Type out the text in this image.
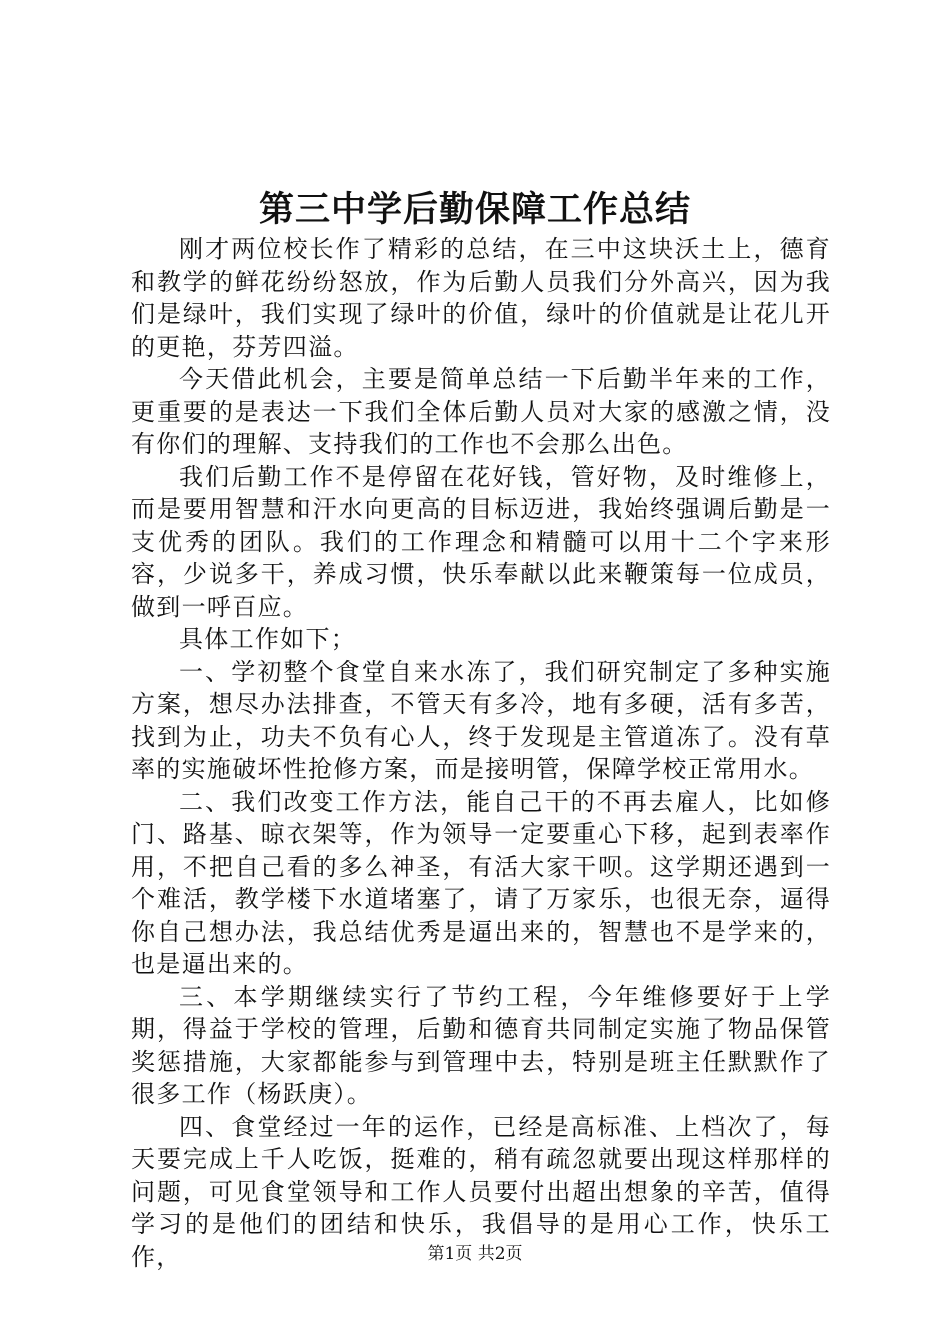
第三中学后勤保障工作总结

刚才两位校长作了精彩的总结，在三中这块沃土上，德育和教学的鲜花纷纷怒放，作为后勤人员我们分外高兴，因为我们是绿叶，我们实现了绿叶的价值，绿叶的价值就是让花儿开的更艳，芬芳四溢。

今天借此机会，主要是简单总结一下后勤半年来的工作，更重要的是表达一下我们全体后勤人员对大家的感激之情，没有你们的理解、支持我们的工作也不会那么出色。

我们后勤工作不是停留在花好钱，管好物，及时维修上，而是要用智慧和汗水向更高的目标迈进，我始终强调后勤是一支优秀的团队。我们的工作理念和精髓可以用十二个字来形容，少说多干，养成习惯，快乐奉献以此来鞭策每一位成员，做到一呼百应。

具体工作如下；

一、学初整个食堂自来水冻了，我们研究制定了多种实施方案，想尽办法排查，不管天有多冷，地有多硬，活有多苦，找到为止，功夫不负有心人，终于发现是主管道冻了。没有草率的实施破坏性抢修方案，而是接明管，保障学校正常用水。

二、我们改变工作方法，能自己干的不再去雇人，比如修门、路基、晾衣架等，作为领导一定要重心下移，起到表率作用，不把自己看的多么神圣，有活大家干呗。这学期还遇到一个难活，教学楼下水道堵塞了，请了万家乐，也很无奈，逼得你自己想办法，我总结优秀是逼出来的，智慧也不是学来的，也是逼出来的。

三、本学期继续实行了节约工程，今年维修要好于上学期，得益于学校的管理，后勤和德育共同制定实施了物品保管奖惩措施，大家都能参与到管理中去，特别是班主任默默作了很多工作（杨跃庚）。

四、食堂经过一年的运作，已经是高标准、上档次了，每天要完成上千人吃饭，挺难的，稍有疏忽就要出现这样那样的问题，可见食堂领导和工作人员要付出超出想象的辛苦，值得学习的是他们的团结和快乐，我倡导的是用心工作，快乐工作，	第1页 共2页
